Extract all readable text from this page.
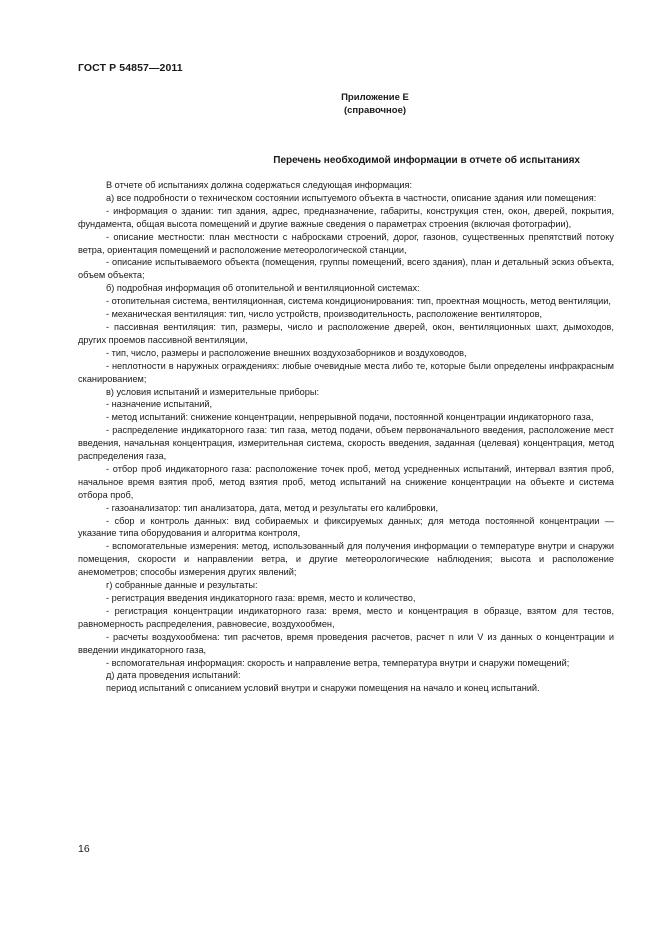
ГОСТ Р 54857—2011
Приложение Е
(справочное)
Перечень необходимой информации в отчете об испытаниях

В отчете об испытаниях должна содержаться следующая информация:

а) все подробности о техническом состоянии испытуемого объекта в частности, описание здания или помещения:

- информация о здании: тип здания, адрес, предназначение, габариты, конструкция стен, окон, дверей, покрытия, фундамента, общая высота помещений и другие важные сведения о параметрах строения (включая фотографии),

- описание местности: план местности с набросками строений, дорог, газонов, существенных препятствий потоку ветра, ориентация помещений и расположение метеорологической станции,

- описание испытываемого объекта (помещения, группы помещений, всего здания), план и детальный эскиз объекта, объем объекта;

б) подробная информация об отопительной и вентиляционной системах:

- отопительная система, вентиляционная, система кондиционирования: тип, проектная мощность, метод вентиляции,

- механическая вентиляция: тип, число устройств, производительность, расположение вентиляторов,

- пассивная вентиляция: тип, размеры, число и расположение дверей, окон, вентиляционных шахт, дымоходов, других проемов пассивной вентиляции,

- тип, число, размеры и расположение внешних воздухозаборников и воздуховодов,

- неплотности в наружных ограждениях: любые очевидные места либо те, которые были определены инфракрасным сканированием;

в) условия испытаний и измерительные приборы:

- назначение испытаний,

- метод испытаний: снижение концентрации, непрерывной подачи, постоянной концентрации индикаторного газа,

- распределение индикаторного газа: тип газа, метод подачи, объем первоначального введения, расположение мест введения, начальная концентрация, измерительная система, скорость введения, заданная (целевая) концентрация, метод распределения газа,

- отбор проб индикаторного газа: расположение точек проб, метод усредненных испытаний, интервал взятия проб, начальное время взятия проб, метод взятия проб, метод испытаний на снижение концентрации на объекте и система отбора проб,

- газоанализатор: тип анализатора, дата, метод и результаты его калибровки,

- сбор и контроль данных: вид собираемых и фиксируемых данных; для метода постоянной концентрации — указание типа оборудования и алгоритма контроля,

- вспомогательные измерения: метод, использованный для получения информации о температуре внутри и снаружи помещения, скорости и направлении ветра, и другие метеорологические наблюдения; высота и расположение анемометров; способы измерения других явлений;

г) собранные данные и результаты:

- регистрация введения индикаторного газа: время, место и количество,

- регистрация концентрации индикаторного газа: время, место и концентрация в образце, взятом для тестов, равномерность распределения, равновесие, воздухообмен,

- расчеты воздухообмена: тип расчетов, время проведения расчетов, расчет n или V из данных о концентрации и введении индикаторного газа,

- вспомогательная информация: скорость и направление ветра, температура внутри и снаружи помещений;

д) дата проведения испытаний:

период испытаний с описанием условий внутри и снаружи помещения на начало и конец испытаний.

16
